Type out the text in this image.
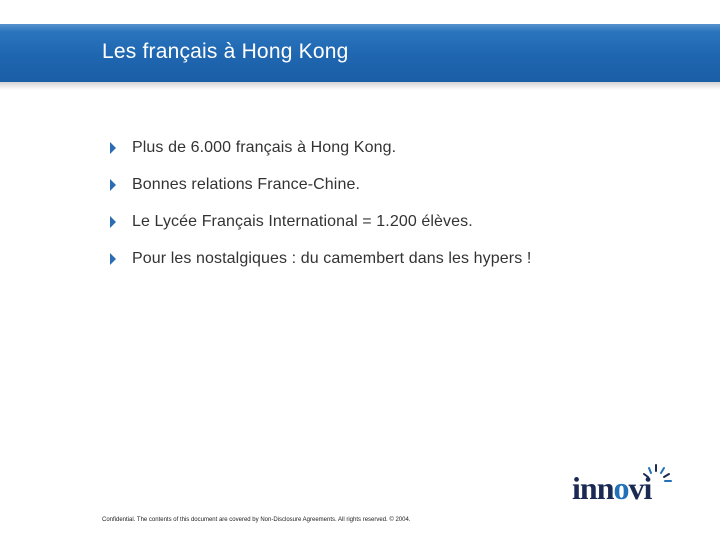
Les français à Hong Kong
Plus de 6.000 français à Hong Kong.
Bonnes relations France-Chine.
Le Lycée Français International = 1.200 élèves.
Pour les nostalgiques : du camembert dans les hypers !
innovi

Confidential. The contents of this document are covered by Non-Disclosure Agreements. All rights reserved. © 2004.
